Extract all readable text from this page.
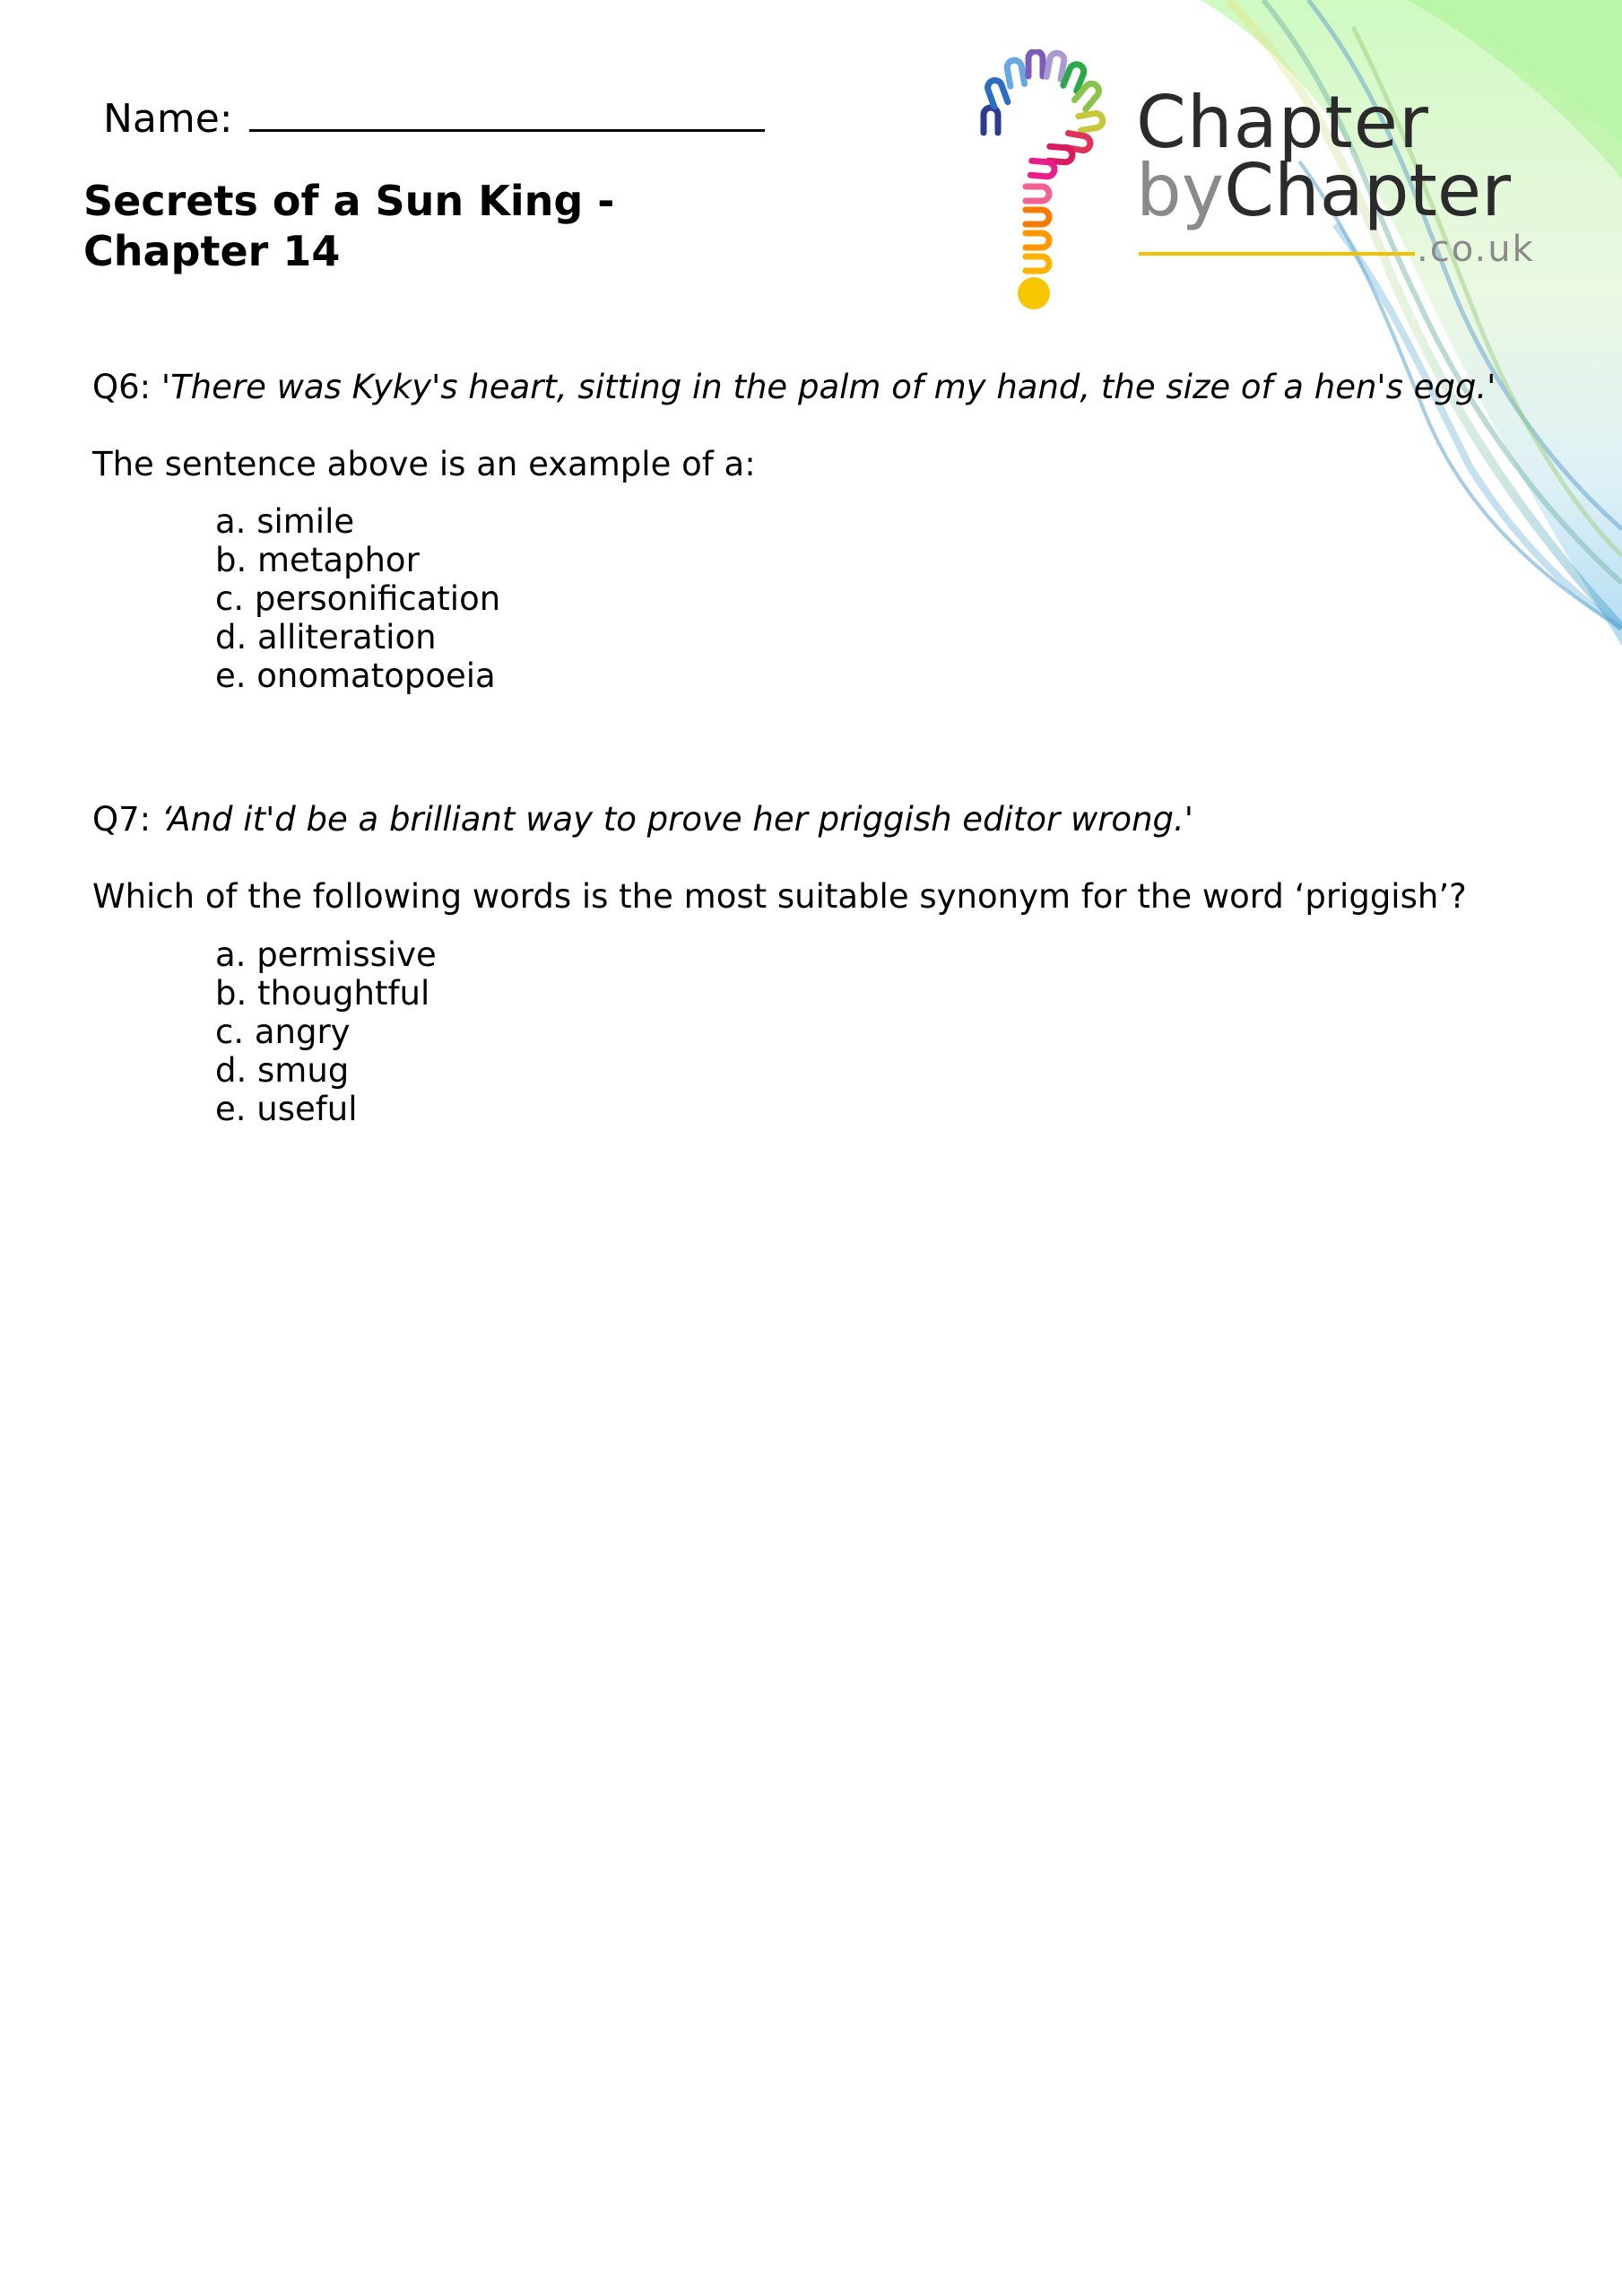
Name:
Secrets of a Sun King - Chapter 14
Chapter
byChapter
.co.uk
Q6: 'There was Kyky's heart, sitting in the palm of my hand, the size of a hen's egg.'
The sentence above is an example of a:
a. simile
b. metaphor
c. personification
d. alliteration
e. onomatopoeia
Q7: ‘And it'd be a brilliant way to prove her priggish editor wrong.'
Which of the following words is the most suitable synonym for the word ‘priggish’?
a. permissive
b. thoughtful
c. angry
d. smug
e. useful
